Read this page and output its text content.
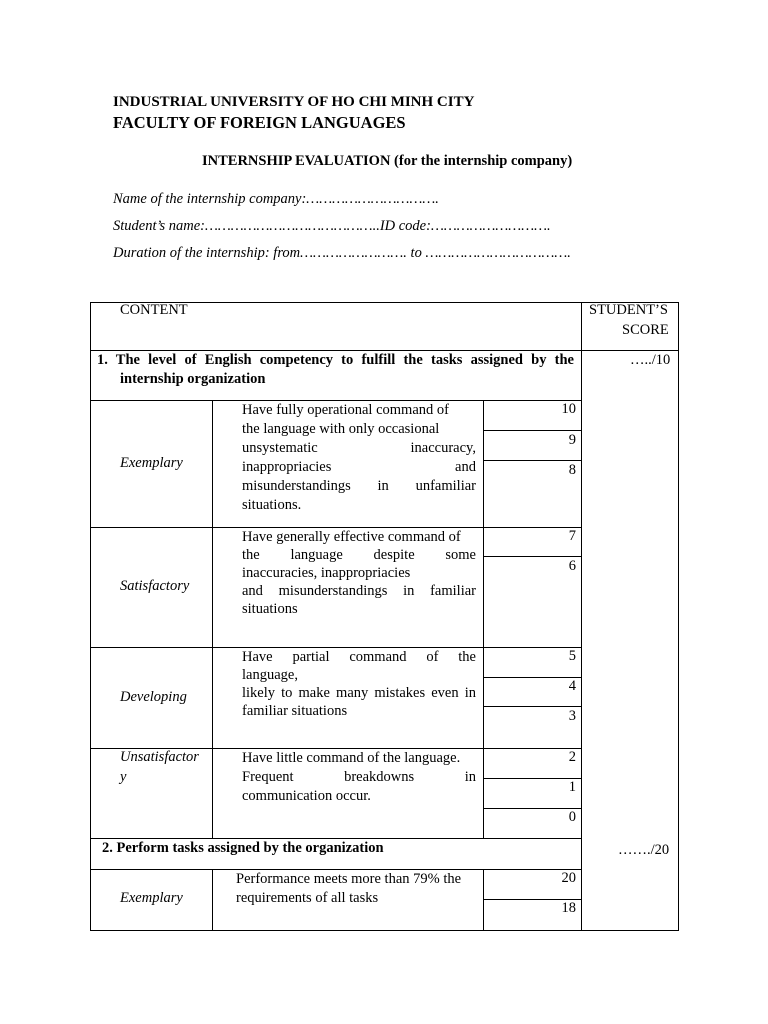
INDUSTRIAL UNIVERSITY OF HO CHI MINH CITY
FACULTY OF FOREIGN LANGUAGES
INTERNSHIP EVALUATION (for the internship company)
Name of the internship company:………………………….
Student’s name:…………………………………..ID code:……………………….
Duration of the internship: from……………………. to …………………………….
CONTENT	STUDENT’S
SCORE
1. The level of English competency to fulfill the tasks assigned by the
internship organization
…../10
Exemplary
Have fully operational command of
the language with only occasional
unsystematic inaccuracy,
inappropriacies and
misunderstandings in unfamiliar
situations.
10
9
8
Satisfactory
Have generally effective command of
the language despite some
inaccuracies, inappropriacies
and misunderstandings in familiar
situations
7
6
Developing
Have partial command of the
language,
likely to make many mistakes even in
familiar situations
5
4
3
Unsatisfactor
y
Have little command of the language.
Frequent breakdowns in
communication occur.
2
1
0
2. Perform tasks assigned by the organization	……./20
Exemplary
Performance meets more than 79% the
requirements of all tasks
20
18
